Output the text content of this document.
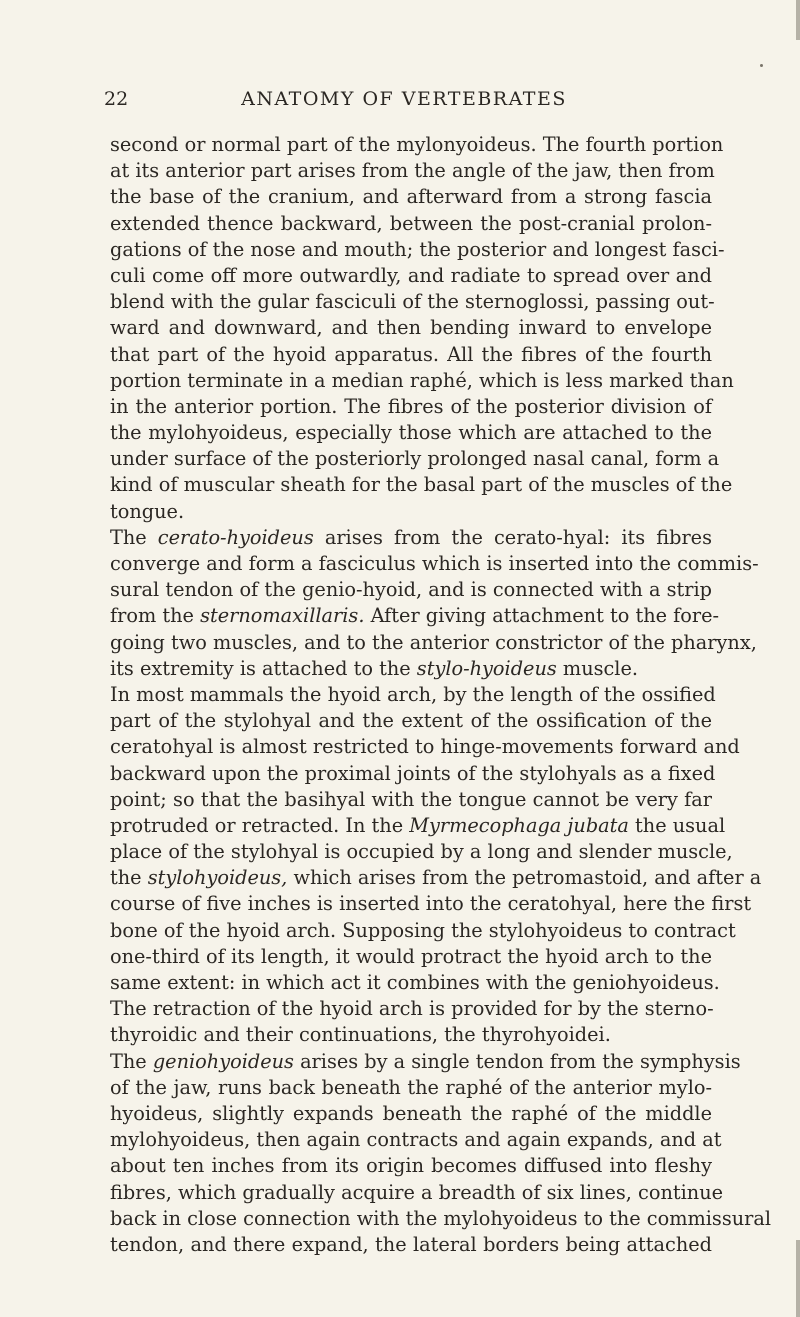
22	ANATOMY OF VERTEBRATES
second or normal part of the mylonyoideus. The fourth portion
at its anterior part arises from the angle of the jaw, then from
the base of the cranium, and afterward from a strong fascia
extended thence backward, between the post-cranial prolon-
gations of the nose and mouth; the posterior and longest fasci-
culi come off more outwardly, and radiate to spread over and
blend with the gular fasciculi of the sternoglossi, passing out-
ward and downward, and then bending inward to envelope
that part of the hyoid apparatus. All the fibres of the fourth
portion terminate in a median raphé, which is less marked than
in the anterior portion. The fibres of the posterior division of
the mylohyoideus, especially those which are attached to the
under surface of the posteriorly prolonged nasal canal, form a
kind of muscular sheath for the basal part of the muscles of the
tongue.
The cerato-hyoideus arises from the cerato-hyal: its fibres
converge and form a fasciculus which is inserted into the commis-
sural tendon of the genio-hyoid, and is connected with a strip
from the sternomaxillaris. After giving attachment to the fore-
going two muscles, and to the anterior constrictor of the pharynx,
its extremity is attached to the stylo-hyoideus muscle.
In most mammals the hyoid arch, by the length of the ossified
part of the stylohyal and the extent of the ossification of the
ceratohyal is almost restricted to hinge-movements forward and
backward upon the proximal joints of the stylohyals as a fixed
point; so that the basihyal with the tongue cannot be very far
protruded or retracted. In the Myrmecophaga jubata the usual
place of the stylohyal is occupied by a long and slender muscle,
the stylohyoideus, which arises from the petromastoid, and after a
course of five inches is inserted into the ceratohyal, here the first
bone of the hyoid arch. Supposing the stylohyoideus to contract
one-third of its length, it would protract the hyoid arch to the
same extent: in which act it combines with the geniohyoideus.
The retraction of the hyoid arch is provided for by the sterno-
thyroidic and their continuations, the thyrohyoidei.
The geniohyoideus arises by a single tendon from the symphysis
of the jaw, runs back beneath the raphé of the anterior mylo-
hyoideus, slightly expands beneath the raphé of the middle
mylohyoideus, then again contracts and again expands, and at
about ten inches from its origin becomes diffused into fleshy
fibres, which gradually acquire a breadth of six lines, continue
back in close connection with the mylohyoideus to the commissural
tendon, and there expand, the lateral borders being attached
